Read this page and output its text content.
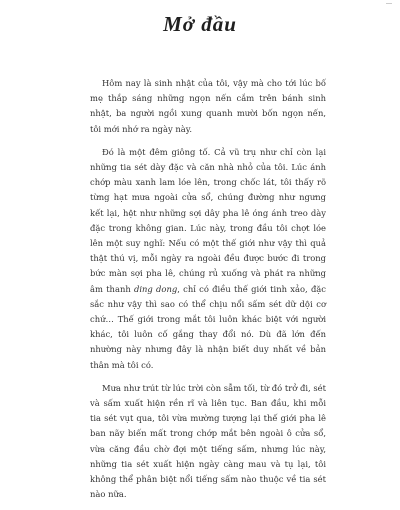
Mở đầu

Hôm nay là sinh nhật của tôi, vậy mà cho tới lúc bố mẹ thắp sáng những ngọn nến cắm trên bánh sinh nhật, ba người ngồi xung quanh mười bốn ngọn nến, tôi mới nhớ ra ngày này.

Đó là một đêm giông tố. Cả vũ trụ như chỉ còn lại những tia sét dày đặc và căn nhà nhỏ của tôi. Lúc ánh chớp màu xanh lam lóe lên, trong chốc lát, tôi thấy rõ từng hạt mưa ngoài cửa sổ, chúng đường như ngưng kết lại, hệt như những sợi dây pha lê óng ánh treo dày đặc trong không gian. Lúc này, trong đầu tôi chợt lóe lên một suy nghĩ: Nếu có một thế giới như vậy thì quả thật thú vị, mỗi ngày ra ngoài đều được bước đi trong bức màn sợi pha lê, chúng rủ xuống và phát ra những âm thanh ding dong, chỉ có điều thế giới tinh xảo, đặc sắc như vậy thì sao có thể chịu nổi sấm sét dữ dội cơ chứ… Thế giới trong mắt tôi luôn khác biệt với người khác, tôi luôn cố gắng thay đổi nó. Dù đã lớn đến nhường này nhưng đây là nhận biết duy nhất về bản thân mà tôi có.

Mưa như trút từ lúc trời còn sẫm tối, từ đó trở đi, sét và sấm xuất hiện rền rĩ và liên tục. Ban đầu, khi mỗi tia sét vụt qua, tôi vừa mường tượng lại thế giới pha lê ban nãy biến mất trong chớp mắt bên ngoài ô cửa sổ, vừa căng đầu chờ đợi một tiếng sấm, nhưng lúc này, những tia sét xuất hiện ngày càng mau và tụ lại, tôi không thể phân biệt nổi tiếng sấm nào thuộc về tia sét nào nữa.
